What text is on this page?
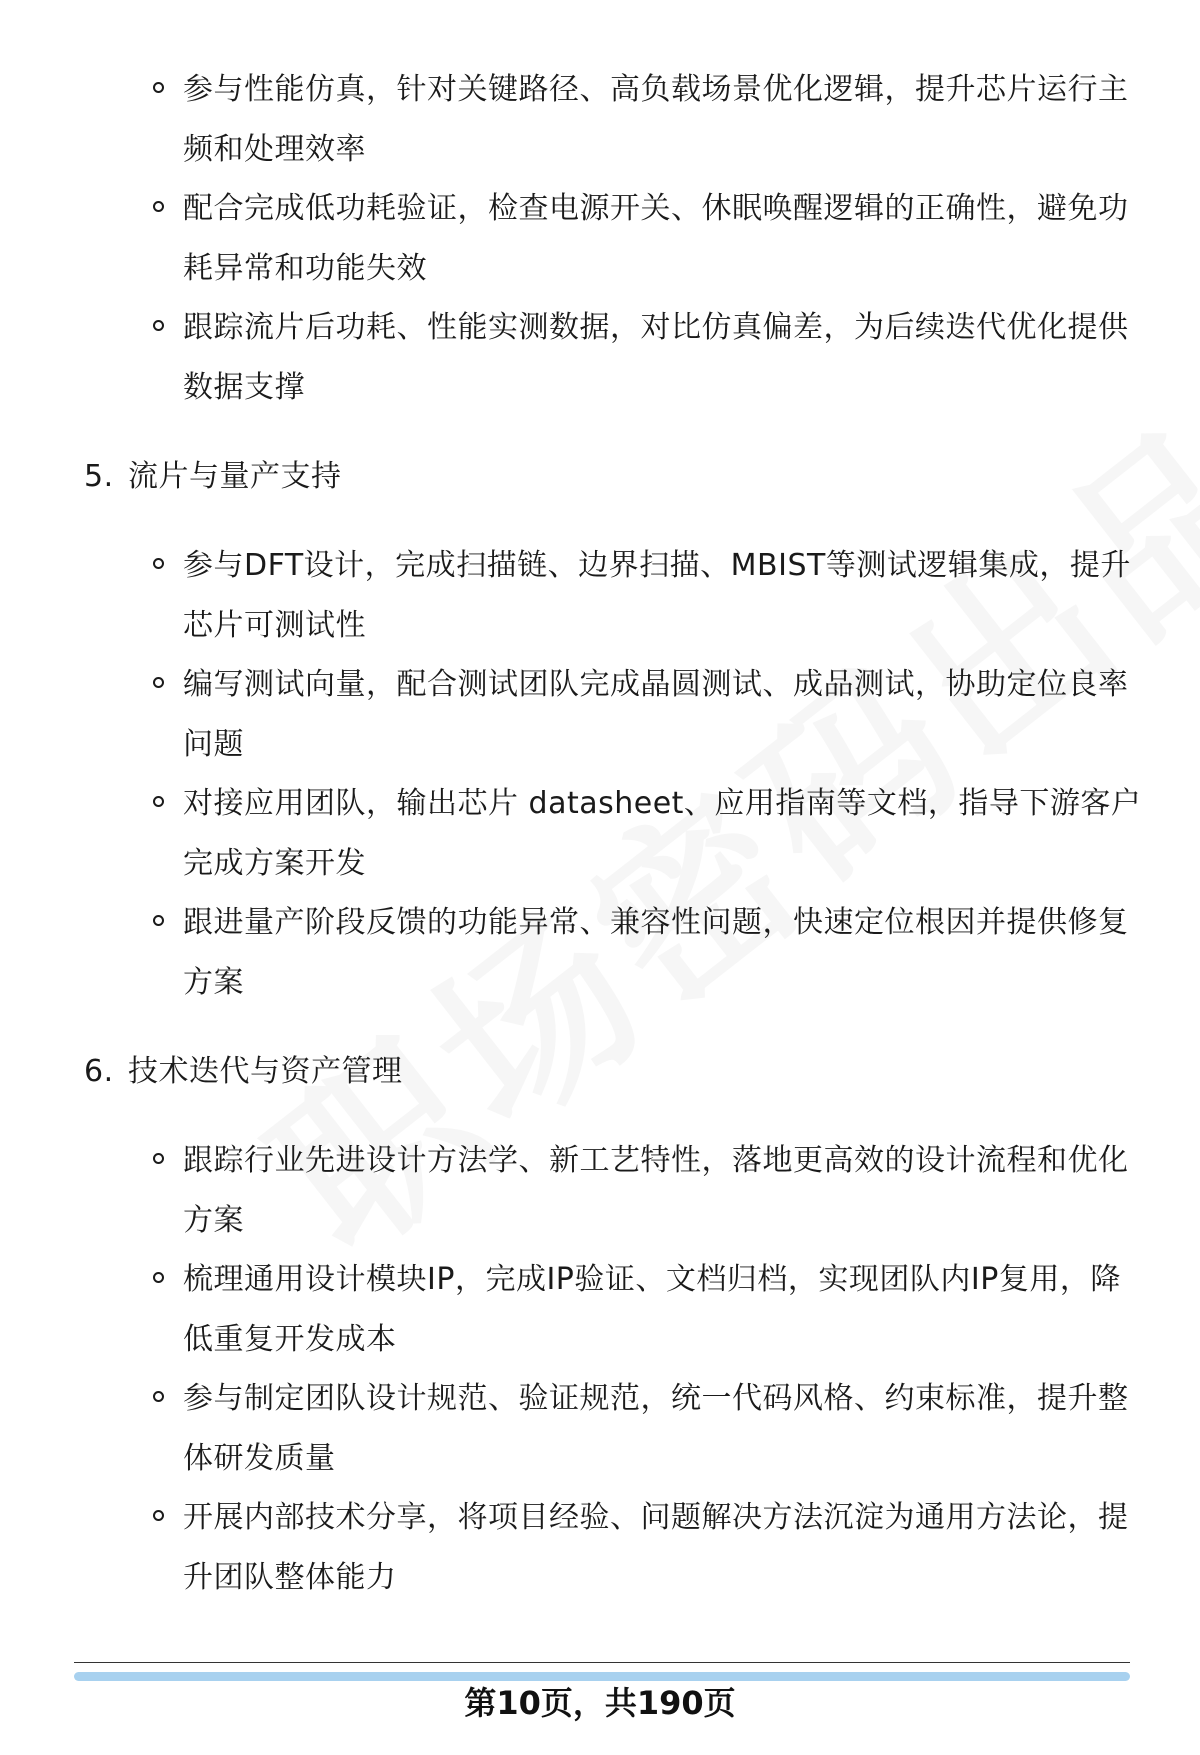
参与性能仿真，针对关键路径、高负载场景优化逻辑，提升芯片运行主频和处理效率
配合完成低功耗验证，检查电源开关、休眠唤醒逻辑的正确性，避免功耗异常和功能失效
跟踪流片后功耗、性能实测数据，对比仿真偏差，为后续迭代优化提供数据支撑
5. 流片与量产支持
参与DFT设计，完成扫描链、边界扫描、MBIST等测试逻辑集成，提升芯片可测试性
编写测试向量，配合测试团队完成晶圆测试、成品测试，协助定位良率问题
对接应用团队，输出芯片 datasheet、应用指南等文档，指导下游客户完成方案开发
跟进量产阶段反馈的功能异常、兼容性问题，快速定位根因并提供修复方案
6. 技术迭代与资产管理
跟踪行业先进设计方法学、新工艺特性，落地更高效的设计流程和优化方案
梳理通用设计模块IP，完成IP验证、文档归档，实现团队内IP复用，降低重复开发成本
参与制定团队设计规范、验证规范，统一代码风格、约束标准，提升整体研发质量
开展内部技术分享，将项目经验、问题解决方法沉淀为通用方法论，提升团队整体能力
第10页，共190页
